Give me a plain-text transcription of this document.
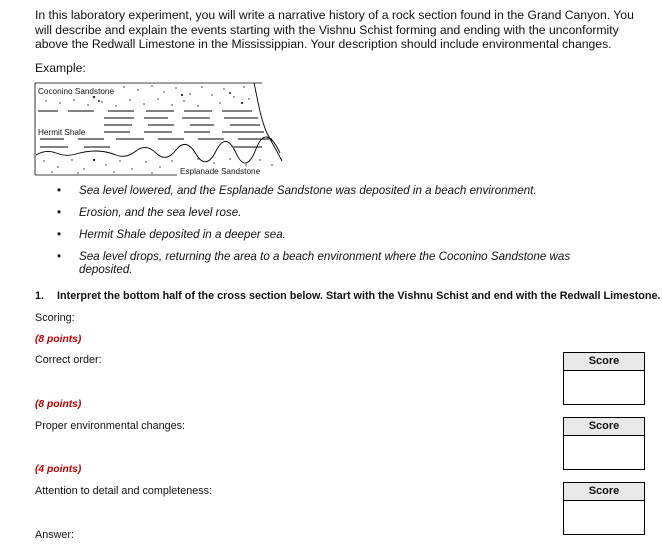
In this laboratory experiment, you will write a narrative history of a rock section found in the Grand Canyon. You will describe and explain the events starting with the Vishnu Schist forming and ending with the unconformity above the Redwall Limestone in the Mississippian. Your description should include environmental changes.
Example:
Coconino Sandstone
Hermit Shale
Esplanade Sandstone
• Sea level lowered, and the Esplanade Sandstone was deposited in a beach environment.
• Erosion, and the sea level rose.
• Hermit Shale deposited in a deeper sea.
• Sea level drops, returning the area to a beach environment where the Coconino Sandstone was deposited.
1. Interpret the bottom half of the cross section below. Start with the Vishnu Schist and end with the Redwall Limestone.
Scoring:
(8 points)
Correct order:	Score
(8 points)
Proper environmental changes:	Score
(4 points)
Attention to detail and completeness:	Score
Answer:
